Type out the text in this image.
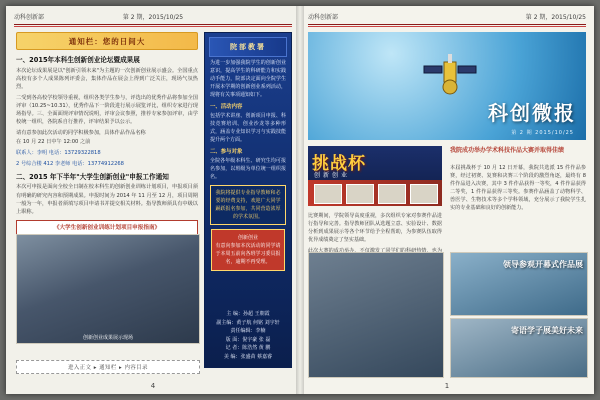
动科创新部	第 2 期，2015/10/25
通知栏：您的日间大
一、2015年本科生创新创业论坛暨成果展

本次论坛成果展是以"创新引领未来"为主题的一次创新创业展示盛会。全国重点高校有多个人成果陈列评委会，集体作品在展会上得到广泛关注，现场气氛热烈。

二受到各高校学校领导重视，组织各类学生参与，评选出的优秀作品将参加全国评审（10.25~10.31），优秀作品下一阶段进行展示展览评比，组织专家进行现场指导。三、全面面规评审情况说明，评审会议参照，推荐专家参加评审，由学校统一组织，各院系自行推荐，评审结果予以公示。

请有意参加此次活动的同学积极参加，具体作品作品名称
在 10 月 22 日中午 12:00 之前
联系人：李明 电话：13729322818
2 号综合楼 412 李老师 电话：13774912268
二、2015 年下半年"大学生创新创业"申报工作通知

本次可申报是面向全校全日制在校本科生的创新创业训练计划项目，申报项目须有明确的研究内容和预期成果。申报时间为 2014 年 11 月至 12 月，项目周期一般为一年，申报者须填写项目申请书并提交相关材料。指导教师须具有中级以上职称。

《大学生创新创业训练计划项目申报指南》

创新创业成果展示现场
进入正文 ▸ 通知栏 ▸ 内容目录
4
院部教署

为进一步加强我院学生的创新创业意识，提高学生的科研能力和实践动手能力，院部决定面向全院学生开展本学期的创新创业系列活动，现将有关事项通知如下。

一、活动内容

包括学术讲座、创新项目申报、科技竞赛培训、创业沙龙等多种形式，涵盖专业知识学习与实践技能提升两个方面。

二、参与对象

全院各年级本科生、研究生均可报名参加，以班级为单位统一组织报名。

我院将提供专业指导教师和必要的经费支持，欢迎广大同学踊跃报名参加，共同营造浓厚的学术氛围。
创新创业
有意向参加本次活动的同学请于本周五前向各班学习委员报名，逾期不再受理。
主 编：孙超 王朝霞
副主编：黄子航 何铭 刘宇轩
责任编辑：李楠
版 面：倪宇豪 张 磊
记 者：陈浩然 黄 鹏
美 编：张盛苗 蔡嘉睿
动科创新部	第 2 期，2015/10/25
科创微报
第 2 期 2015/10/25
挑战杯
创新创业
我院成功举办学术科技作品大赛并取得佳绩

本届挑战杯于 10 月 12 日开幕，我院共选派 15 件作品参赛，经过初赛、复赛和决赛三个阶段的激烈角逐，最终有 8 件作品进入决赛，其中 3 件作品获得一等奖，4 件作品获得二等奖，1 件作品获得三等奖。参赛作品涵盖了动物科学、兽医学、生物技术等多个学科领域，充分展示了我院学生扎实的专业基础和良好的创新能力。

比赛期间，学院领导高度重视，多次组织专家对参赛作品进行指导和完善。指导教师团队从选题立意、实验设计、数据分析到成果展示等各个环节给予全程帮助，为参赛队伍取得优异成绩奠定了坚实基础。

领导参观开幕式作品展
寄语学子展美好未来
1
